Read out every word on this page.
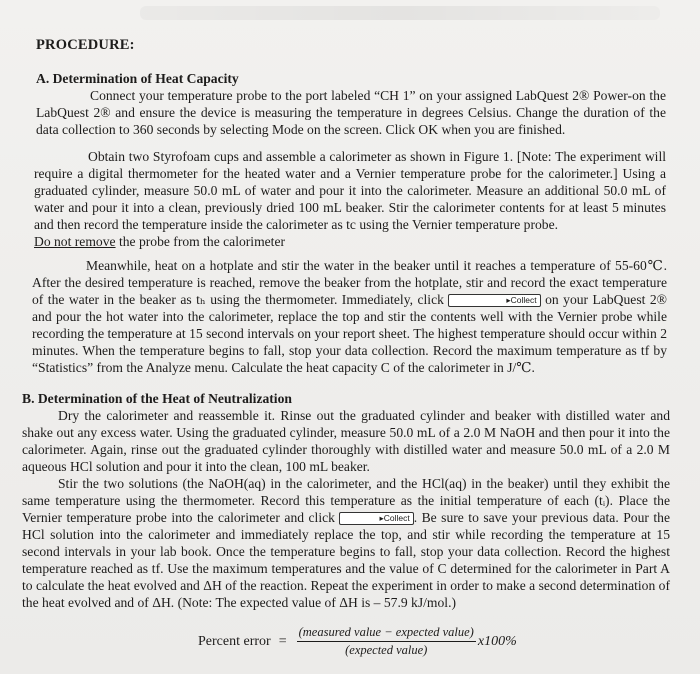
PROCEDURE:
A. Determination of Heat Capacity

Connect your temperature probe to the port labeled “CH 1” on your assigned LabQuest 2® Power-on the LabQuest 2® and ensure the device is measuring the temperature in degrees Celsius. Change the duration of the data collection to 360 seconds by selecting Mode on the screen. Click OK when you are finished.

Obtain two Styrofoam cups and assemble a calorimeter as shown in Figure 1. [Note: The experiment will require a digital thermometer for the heated water and a Vernier temperature probe for the calorimeter.] Using a graduated cylinder, measure 50.0 mL of water and pour it into the calorimeter. Measure an additional 50.0 mL of water and pour it into a clean, previously dried 100 mL beaker. Stir the calorimeter contents for at least 5 minutes and then record the temperature inside the calorimeter as tc using the Vernier temperature probe.
Do not remove the probe from the calorimeter

Meanwhile, heat on a hotplate and stir the water in the beaker until it reaches a temperature of 55-60℃. After the desired temperature is reached, remove the beaker from the hotplate, stir and record the exact temperature of the water in the beaker as tₕ using the thermometer. Immediately, click	▸Collect on your LabQuest 2® and pour the hot water into the calorimeter, replace the top and stir the contents well with the Vernier probe while recording the temperature at 15 second intervals on your report sheet. The highest temperature should occur within 2 minutes. When the temperature begins to fall, stop your data collection. Record the maximum temperature as tf by “Statistics” from the Analyze menu. Calculate the heat capacity C of the calorimeter in J/℃.

B. Determination of the Heat of Neutralization

Dry the calorimeter and reassemble it. Rinse out the graduated cylinder and beaker with distilled water and shake out any excess water. Using the graduated cylinder, measure 50.0 mL of a 2.0 M NaOH and then pour it into the calorimeter. Again, rinse out the graduated cylinder thoroughly with distilled water and measure 50.0 mL of a 2.0 M aqueous HCl solution and pour it into the clean, 100 mL beaker.

Stir the two solutions (the NaOH(aq) in the calorimeter, and the HCl(aq) in the beaker) until they exhibit the same temperature using the thermometer. Record this temperature as the initial temperature of each (tᵢ). Place the Vernier temperature probe into the calorimeter and click	▸Collect . Be sure to save your previous data. Pour the HCl solution into the calorimeter and immediately replace the top, and stir while recording the temperature at 15 second intervals in your lab book. Once the temperature begins to fall, stop your data collection. Record the highest temperature reached as tf. Use the maximum temperatures and the value of C determined for the calorimeter in Part A to calculate the heat evolved and ΔH of the reaction. Repeat the experiment in order to make a second determination of the heat evolved and of ΔH. (Note: The expected value of ΔH is – 57.9 kJ/mol.)

Percent error = $\frac{\text{(measured value − expected value)}}{\text{(expected value)}} x100\%$
